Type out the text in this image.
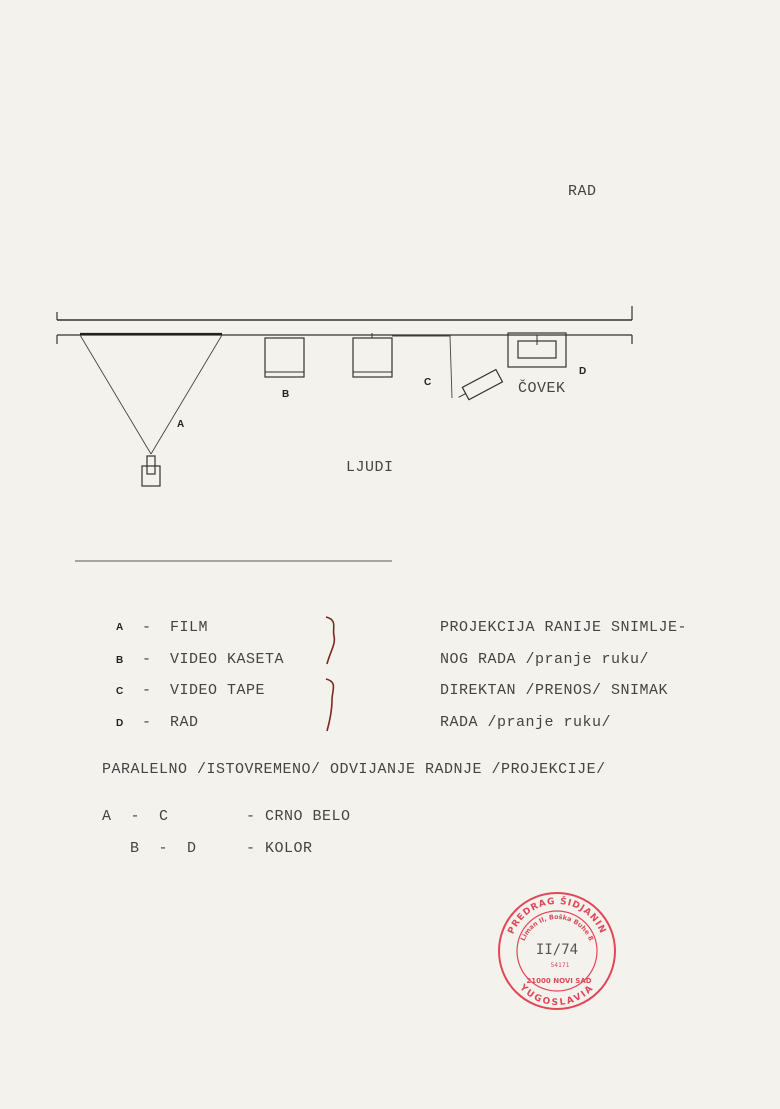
RAD
A
B
C
D
ČOVEK
LJUDI
A - FILM
B - VIDEO KASETA
C - VIDEO TAPE
D - RAD
PROJEKCIJA RANIJE SNIMLJE-
NOG RADA /pranje ruku/
DIREKTAN /PRENOS/ SNIMAK
RADA /pranje ruku/
PARALELNO /ISTOVREMENO/ ODVIJANJE RADNJE /PROJEKCIJE/
A  -  C	- CRNO BELO
B  -  D	- KOLOR
PREDRAG ŠIDJANIN
YUGOSLAVIA
Liman II, Boška Buhe 8
II/74
54171
21000 NOVI SAD
